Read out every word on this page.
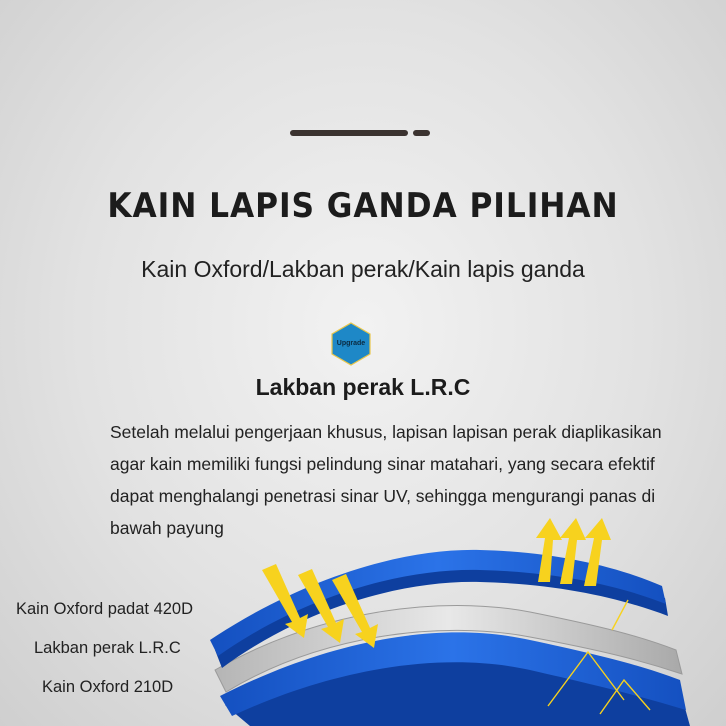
KAIN LAPIS GANDA PILIHAN
Kain Oxford/Lakban perak/Kain lapis ganda
Upgrade
Lakban perak L.R.C
Setelah melalui pengerjaan khusus, lapisan lapisan perak diaplikasikan agar kain memiliki fungsi pelindung sinar matahari, yang secara efektif dapat menghalangi penetrasi sinar UV, sehingga mengurangi panas di bawah payung
Kain Oxford padat 420D
Lakban perak L.R.C
Kain Oxford 210D
